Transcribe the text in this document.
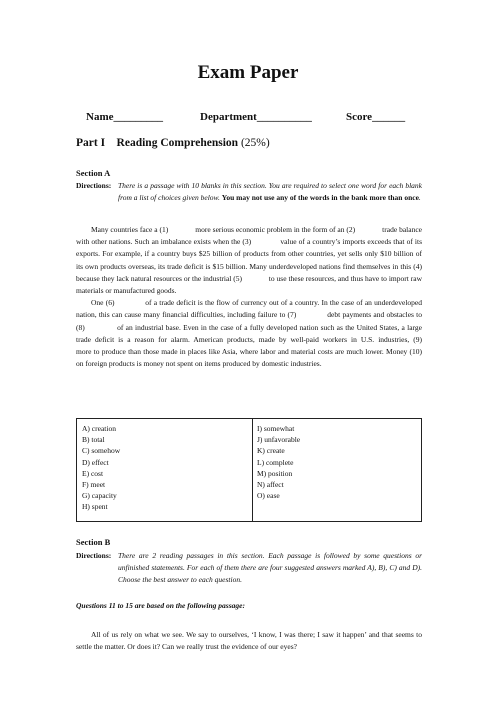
Exam Paper
Name_________	Department__________	Score______
Part I    Reading Comprehension (25%)
Section A
Directions: There is a passage with 10 blanks in this section. You are required to select one word for each blank from a list of choices given below. You may not use any of the words in the bank more than once.

Many countries face a (1)              more serious economic problem in the form of an (2)              trade balance with other nations. Such an imbalance exists when the (3)              value of a country’s imports exceeds that of its exports. For example, if a country buys $25 billion of products from other countries, yet sells only $10 billion of its own products overseas, its trade deficit is $15 billion. Many underdeveloped nations find themselves in this (4)              because they lack natural resources or the industrial (5)              to use these resources, and thus have to import raw materials or manufactured goods.

One (6)              of a trade deficit is the flow of currency out of a country. In the case of an underdeveloped nation, this can cause many financial difficulties, including failure to (7)              debt payments and obstacles to (8)              of an industrial base. Even in the case of a fully developed nation such as the United States, a large trade deficit is a reason for alarm. American products, made by well-paid workers in U.S. industries, (9)              more to produce than those made in places like Asia, where labor and material costs are much lower. Money (10)              on foreign products is money not spent on items produced by domestic industries.

A) creation
B) total
C) somehow
D) effect
E) cost
F) meet
G) capacity
H) spent
I) somewhat
J) unfavorable
K) create
L) complete
M) position
N) affect
O) ease
Section B
Directions: There are 2 reading passages in this section. Each passage is followed by some questions or unfinished statements. For each of them there are four suggested answers marked A), B), C) and D). Choose the best answer to each question.
Questions 11 to 15 are based on the following passage:

All of us rely on what we see. We say to ourselves, ‘I know, I was there; I saw it happen’ and that seems to settle the matter. Or does it? Can we really trust the evidence of our eyes?
